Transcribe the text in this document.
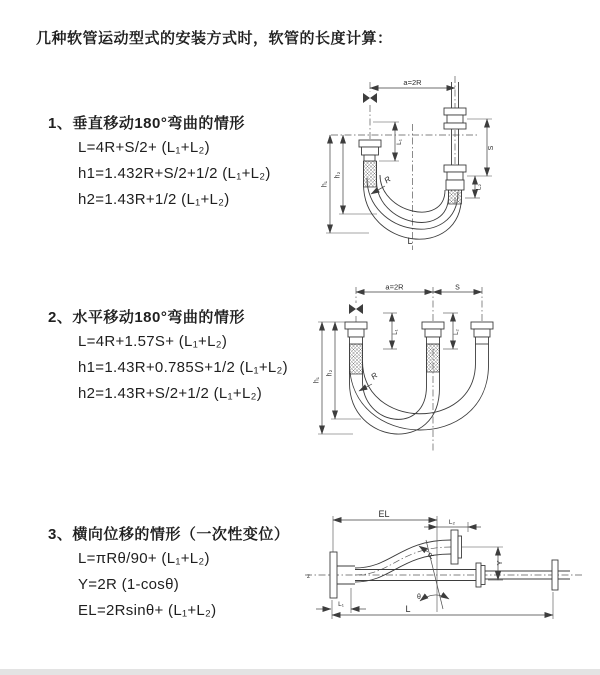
几种软管运动型式的安装方式时，软管的长度计算：
1、垂直移动180°弯曲的情形
L=4R+S/2+ (L₁+L₂)
h1=1.432R+S/2+1/2 (L₁+L₂)
h2=1.43R+1/2 (L₁+L₂)
a=2R
L₁
S
L₂
h₁
h₂	R
L
2、水平移动180°弯曲的情形
L=4R+1.57S+ (L₁+L₂)
h1=1.43R+0.785S+1/2 (L₁+L₂)
h2=1.43R+S/2+1/2 (L₁+L₂)
a=2R	S
h₁
h₂
L₁	L₂
R
3、横向位移的情形（一次性变位）
L=πRθ/90+ (L₁+L₂)
Y=2R (1-cosθ)
EL=2Rsinθ+ (L₁+L₂)
z
EL
L₂
Y
L
L₁
R
θ
